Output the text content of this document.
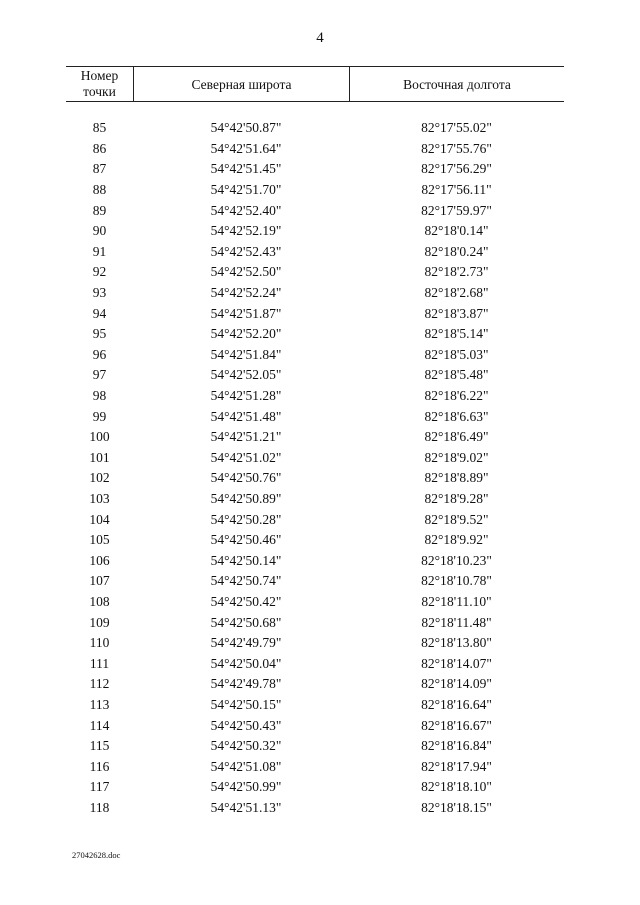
4
Номер
точки	Северная широта	Восточная долгота
85	54°42'50.87"	82°17'55.02"
86	54°42'51.64"	82°17'55.76"
87	54°42'51.45"	82°17'56.29"
88	54°42'51.70"	82°17'56.11"
89	54°42'52.40"	82°17'59.97"
90	54°42'52.19"	82°18'0.14"
91	54°42'52.43"	82°18'0.24"
92	54°42'52.50"	82°18'2.73"
93	54°42'52.24"	82°18'2.68"
94	54°42'51.87"	82°18'3.87"
95	54°42'52.20"	82°18'5.14"
96	54°42'51.84"	82°18'5.03"
97	54°42'52.05"	82°18'5.48"
98	54°42'51.28"	82°18'6.22"
99	54°42'51.48"	82°18'6.63"
100	54°42'51.21"	82°18'6.49"
101	54°42'51.02"	82°18'9.02"
102	54°42'50.76"	82°18'8.89"
103	54°42'50.89"	82°18'9.28"
104	54°42'50.28"	82°18'9.52"
105	54°42'50.46"	82°18'9.92"
106	54°42'50.14"	82°18'10.23"
107	54°42'50.74"	82°18'10.78"
108	54°42'50.42"	82°18'11.10"
109	54°42'50.68"	82°18'11.48"
110	54°42'49.79"	82°18'13.80"
111	54°42'50.04"	82°18'14.07"
112	54°42'49.78"	82°18'14.09"
113	54°42'50.15"	82°18'16.64"
114	54°42'50.43"	82°18'16.67"
115	54°42'50.32"	82°18'16.84"
116	54°42'51.08"	82°18'17.94"
117	54°42'50.99"	82°18'18.10"
118	54°42'51.13"	82°18'18.15"
27042628.doc
